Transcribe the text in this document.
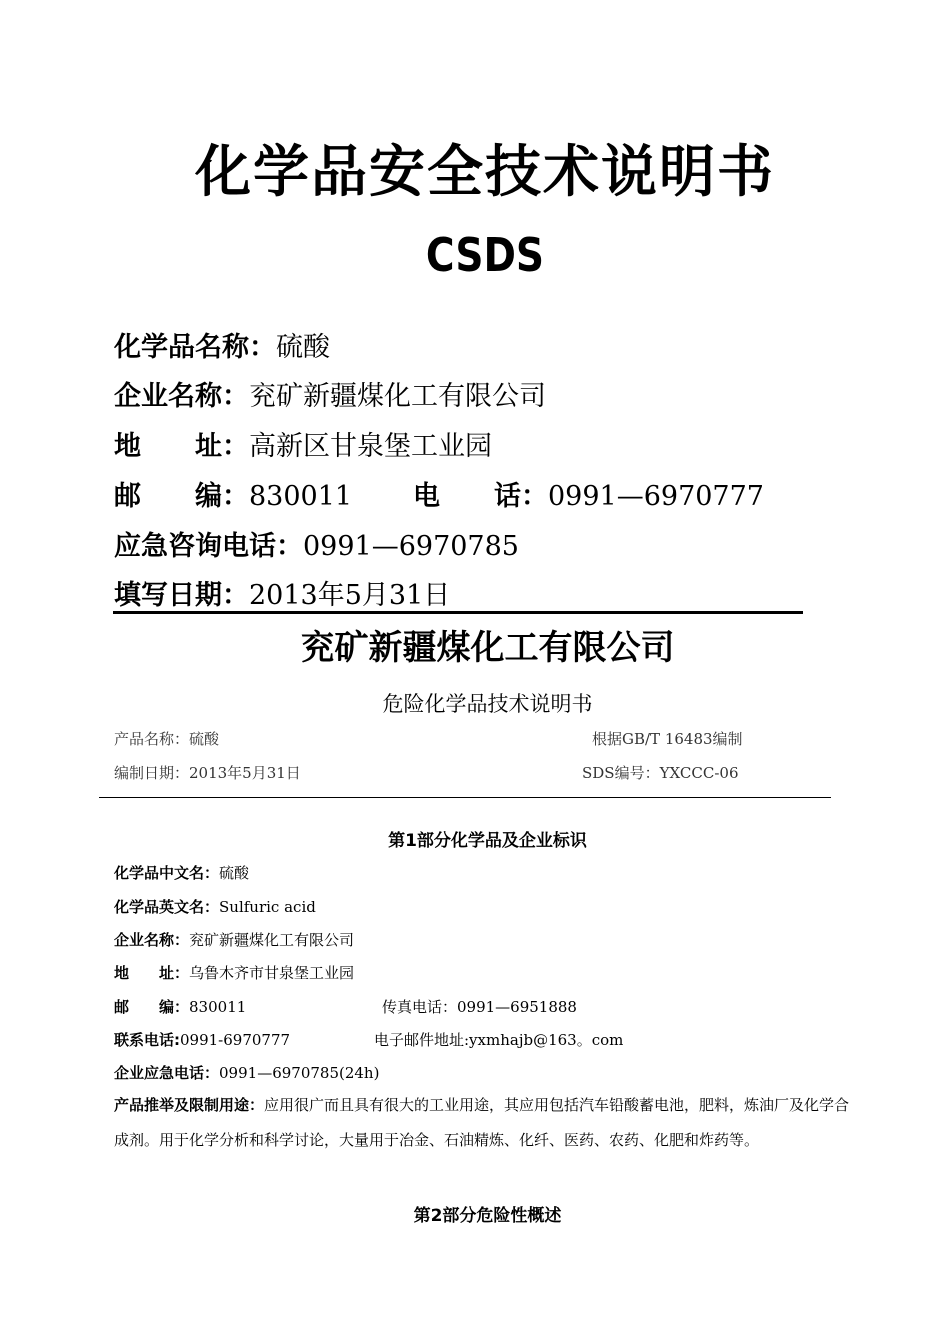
化学品安全技术说明书
CSDS
化学品名称：硫酸
企业名称：兖矿新疆煤化工有限公司
地　　址：高新区甘泉堡工业园
邮　　编：830011 电　　话：0991—6970777
应急咨询电话：0991—6970785
填写日期：2013年5月31日
兖矿新疆煤化工有限公司
危险化学品技术说明书
产品名称：硫酸	根据GB/T 16483编制
编制日期：2013年5月31日	SDS编号：YXCCC-06
第1部分化学品及企业标识
化学品中文名：硫酸
化学品英文名：Sulfuric acid
企业名称：兖矿新疆煤化工有限公司
地　　址：乌鲁木齐市甘泉堡工业园
邮　　编：830011	传真电话：0991—6951888
联系电话:0991-6970777	电子邮件地址:yxmhajb@163。com
企业应急电话：0991—6970785(24h)
产品推举及限制用途：应用很广而且具有很大的工业用途，其应用包括汽车铅酸蓄电池，肥料，炼油厂及化学合成剂。用于化学分析和科学讨论，大量用于冶金、石油精炼、化纤、医药、农药、化肥和炸药等。
第2部分危险性概述
